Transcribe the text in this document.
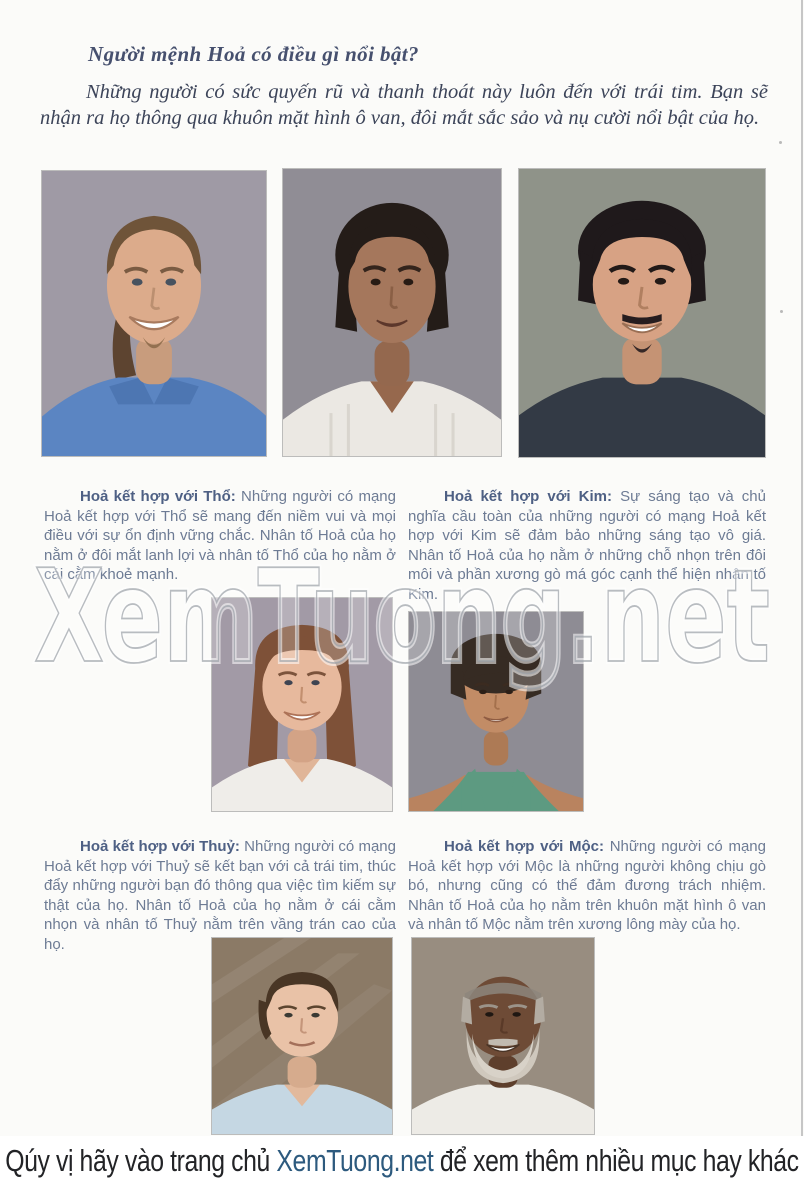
Người mệnh Hoả có điều gì nổi bật?
Những người có sức quyến rũ và thanh thoát này luôn đến với trái tim. Bạn sẽ nhận ra họ thông qua khuôn mặt hình ô van, đôi mắt sắc sảo và nụ cười nổi bật của họ.

Hoả kết hợp với Thổ: Những người có mạng Hoả kết hợp với Thổ sẽ mang đến niềm vui và mọi điều với sự ổn định vững chắc. Nhân tố Hoả của họ nằm ở đôi mắt lanh lợi và nhân tố Thổ của họ nằm ở cái cằm khoẻ mạnh.

Hoả kết hợp với Kim: Sự sáng tạo và chủ nghĩa cầu toàn của những người có mạng Hoả kết hợp với Kim sẽ đảm bảo những sáng tạo vô giá. Nhân tố Hoả của họ nằm ở những chỗ nhọn trên đôi môi và phần xương gò má góc cạnh thể hiện nhân tố Kim.

Hoả kết hợp với Thuỷ: Những người có mạng Hoả kết hợp với Thuỷ sẽ kết bạn với cả trái tim, thúc đẩy những người bạn đó thông qua việc tìm kiếm sự thật của họ. Nhân tố Hoả của họ nằm ở cái cằm nhọn và nhân tố Thuỷ nằm trên vầng trán cao của họ.

Hoả kết hợp với Mộc: Những người có mạng Hoả kết hợp với Mộc là những người không chịu gò bó, nhưng cũng có thể đảm đương trách nhiệm. Nhân tố Hoả của họ nằm trên khuôn mặt hình ô van và nhân tố Mộc nằm trên xương lông mày của họ.

XemTuong.net
XemTuong.net
Qúy vị hãy vào trang chủ XemTuong.net để xem thêm nhiều mục hay khác
